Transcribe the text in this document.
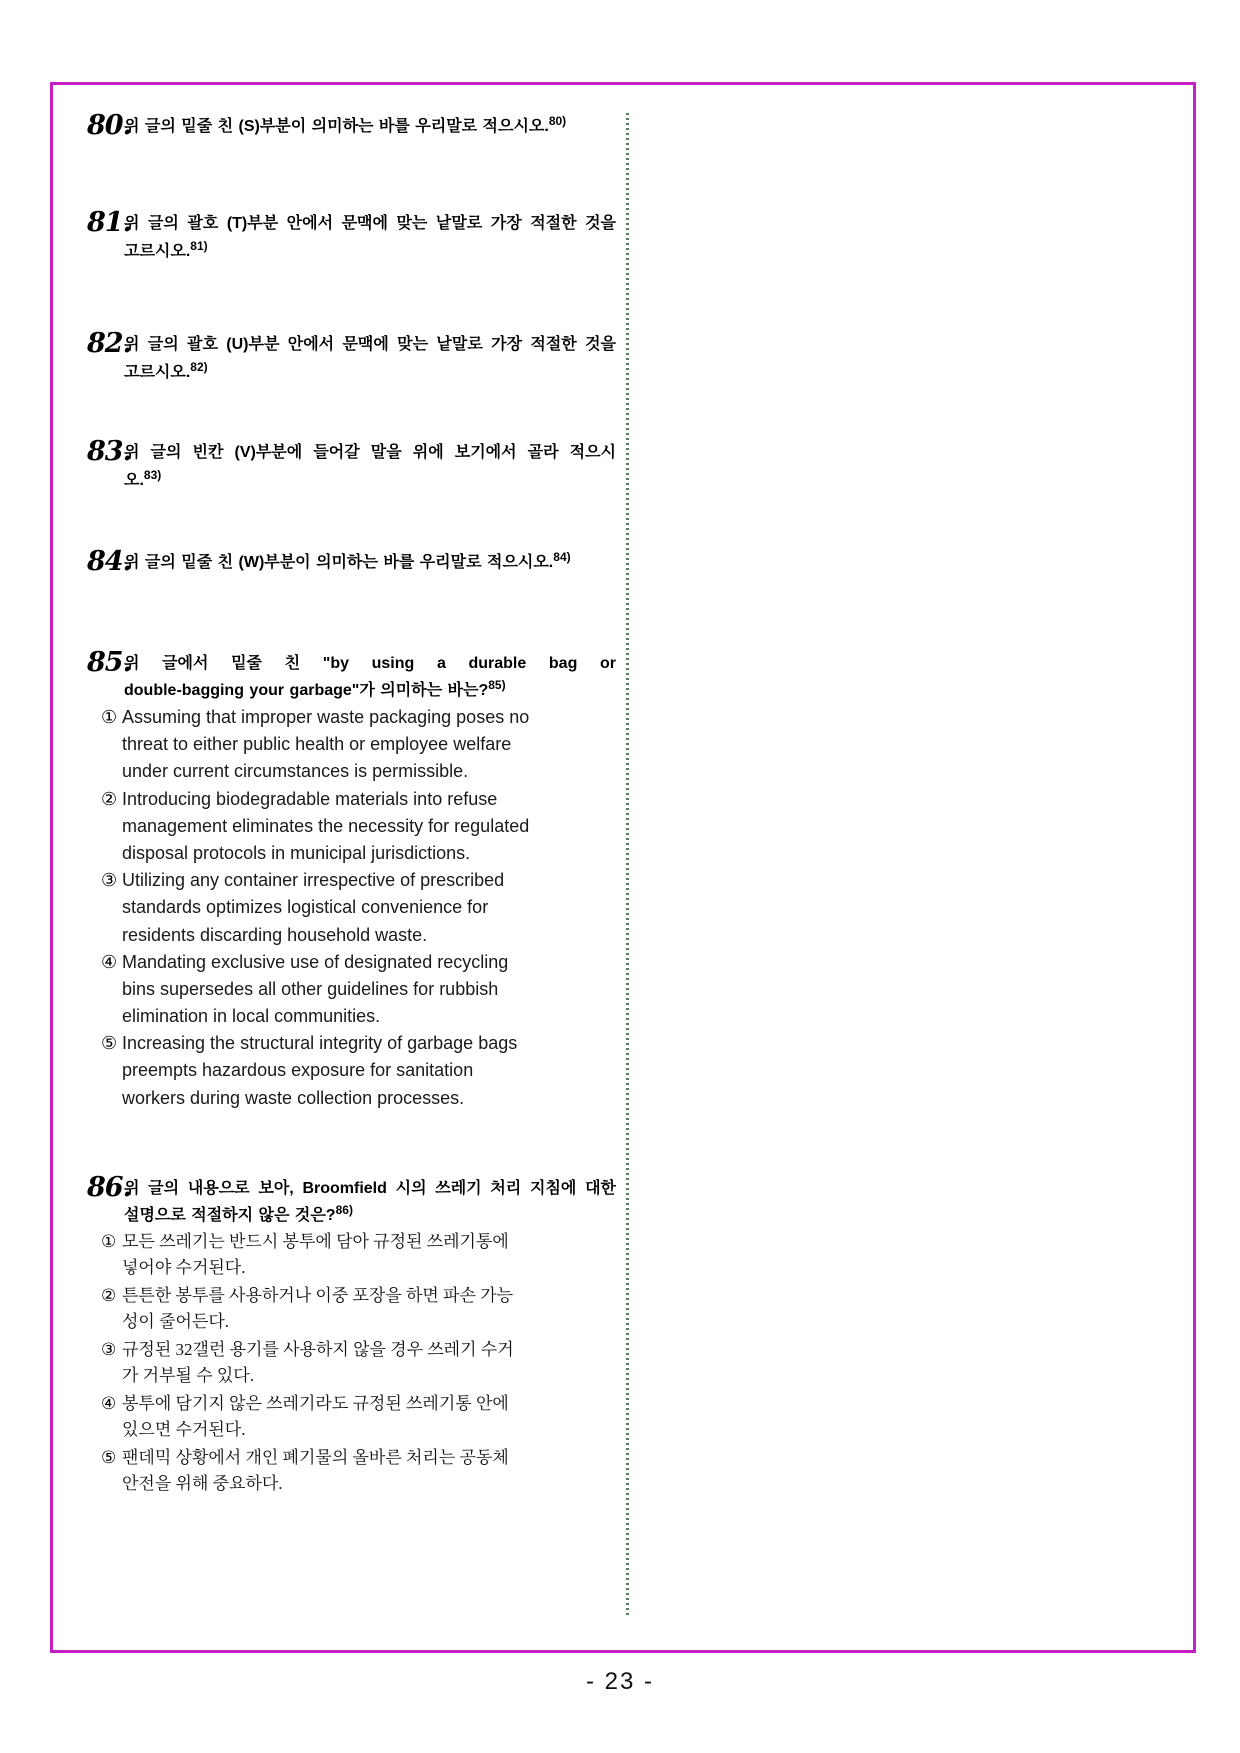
80.
위 글의 밑줄 친 (S)부분이 의미하는 바를 우리말로 적으시오.$^{80)}$
81.
위 글의 괄호 (T)부분 안에서 문맥에 맞는 낱말로 가장 적절한 것을
고르시오.$^{81)}$
82.
위 글의 괄호 (U)부분 안에서 문맥에 맞는 낱말로 가장 적절한 것을
고르시오.$^{82)}$
83.
위 글의 빈칸 (V)부분에 들어갈 말을 위에 보기에서 골라 적으시
오.$^{83)}$
84.
위 글의 밑줄 친 (W)부분이 의미하는 바를 우리말로 적으시오.$^{84)}$
85.
위 글에서 밑줄 친 "by using a durable bag or
double-bagging your garbage"가 의미하는 바는?$^{85)}$
① Assuming that improper waste packaging poses no
threat to either public health or employee welfare
under current circumstances is permissible.
② Introducing biodegradable materials into refuse
management eliminates the necessity for regulated
disposal protocols in municipal jurisdictions.
③ Utilizing any container irrespective of prescribed
standards optimizes logistical convenience for
residents discarding household waste.
④ Mandating exclusive use of designated recycling
bins supersedes all other guidelines for rubbish
elimination in local communities.
⑤ Increasing the structural integrity of garbage bags
preempts hazardous exposure for sanitation
workers during waste collection processes.
86.
위 글의 내용으로 보아, Broomfield 시의 쓰레기 처리 지침에 대한
설명으로 적절하지 않은 것은?$^{86)}$
① 모든 쓰레기는 반드시 봉투에 담아 규정된 쓰레기통에
넣어야 수거된다.
② 튼튼한 봉투를 사용하거나 이중 포장을 하면 파손 가능
성이 줄어든다.
③ 규정된 32갤런 용기를 사용하지 않을 경우 쓰레기 수거
가 거부될 수 있다.
④ 봉투에 담기지 않은 쓰레기라도 규정된 쓰레기통 안에
있으면 수거된다.
⑤ 팬데믹 상황에서 개인 폐기물의 올바른 처리는 공동체
안전을 위해 중요하다.
- 23 -
